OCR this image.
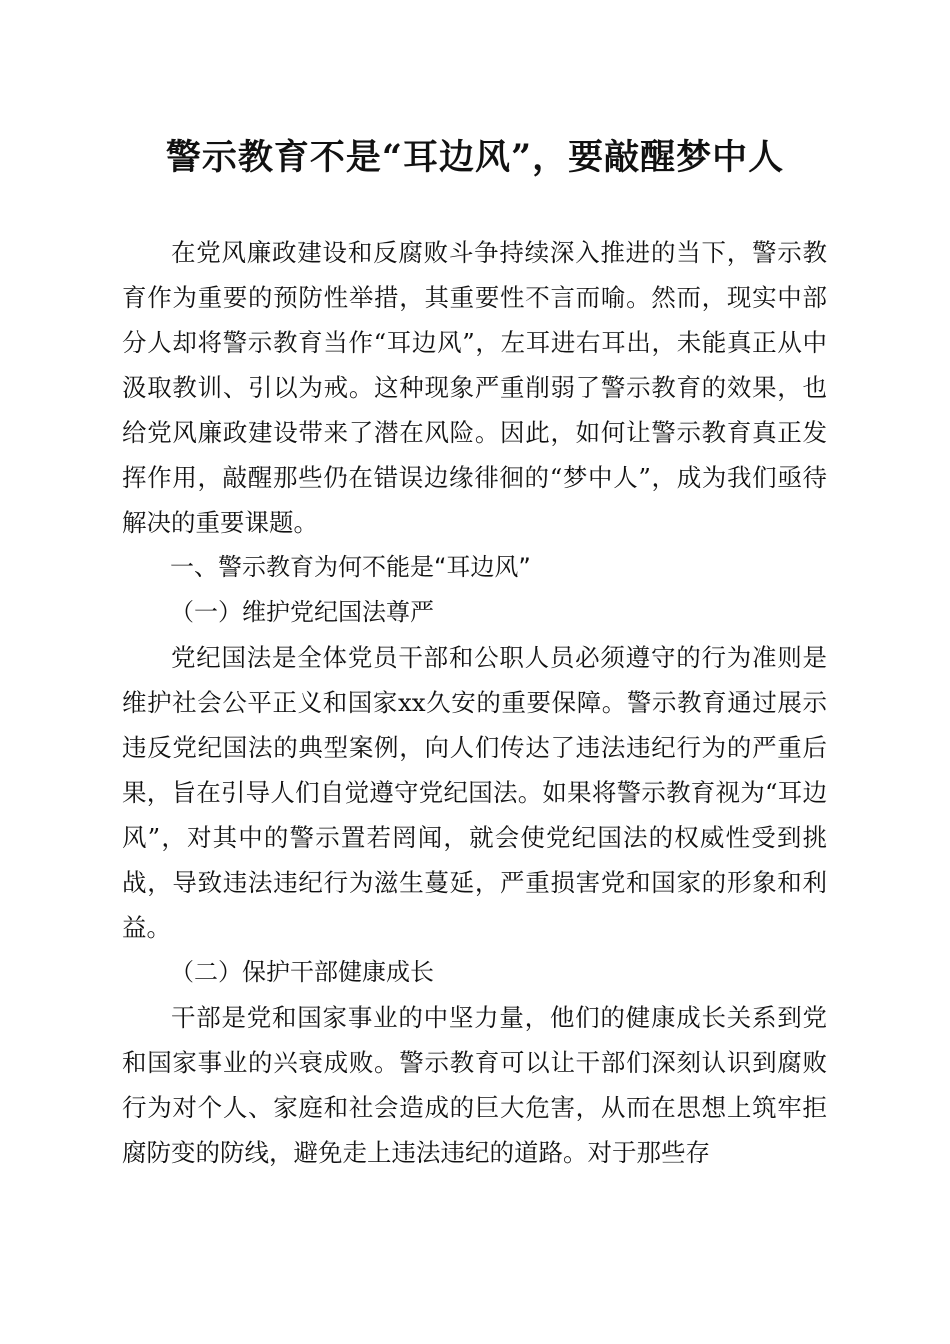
警示教育不是“耳边风”，要敲醒梦中人

在党风廉政建设和反腐败斗争持续深入推进的当下，警示教育作为重要的预防性举措，其重要性不言而喻。然而，现实中部分人却将警示教育当作“耳边风”，左耳进右耳出，未能真正从中汲取教训、引以为戒。这种现象严重削弱了警示教育的效果，也给党风廉政建设带来了潜在风险。因此，如何让警示教育真正发挥作用，敲醒那些仍在错误边缘徘徊的“梦中人”，成为我们亟待解决的重要课题。

一、警示教育为何不能是“耳边风”

（一）维护党纪国法尊严

党纪国法是全体党员干部和公职人员必须遵守的行为准则是维护社会公平正义和国家xx久安的重要保障。警示教育通过展示违反党纪国法的典型案例，向人们传达了违法违纪行为的严重后果，旨在引导人们自觉遵守党纪国法。如果将警示教育视为“耳边风”，对其中的警示置若罔闻，就会使党纪国法的权威性受到挑战，导致违法违纪行为滋生蔓延，严重损害党和国家的形象和利益。

（二）保护干部健康成长

干部是党和国家事业的中坚力量，他们的健康成长关系到党和国家事业的兴衰成败。警示教育可以让干部们深刻认识到腐败行为对个人、家庭和社会造成的巨大危害，从而在思想上筑牢拒腐防变的防线，避免走上违法违纪的道路。对于那些存
